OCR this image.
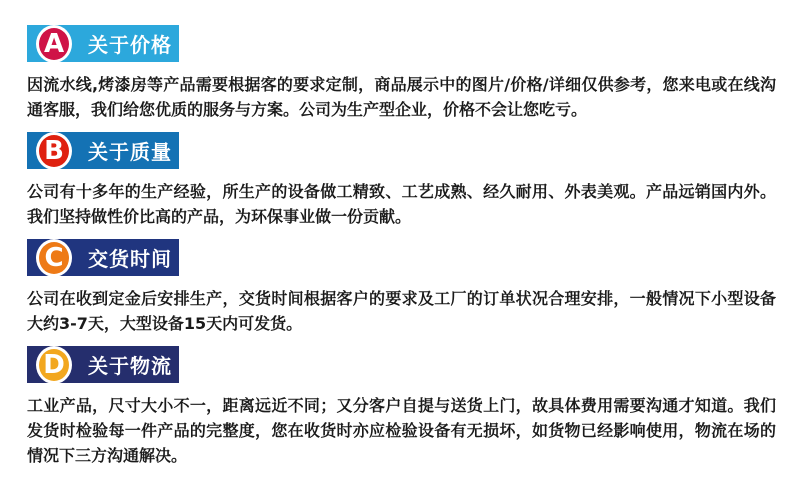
A	关于价格

因流水线,烤漆房等产品需要根据客的要求定制，商品展示中的图片/价格/详细仅供参考，您来电或在线沟通客服，我们给您优质的服务与方案。公司为生产型企业，价格不会让您吃亏。

B	关于质量

公司有十多年的生产经验，所生产的设备做工精致、工艺成熟、经久耐用、外表美观。产品远销国内外。我们坚持做性价比高的产品，为环保事业做一份贡献。

C	交货时间

公司在收到定金后安排生产，交货时间根据客户的要求及工厂的订单状况合理安排，一般情况下小型设备大约3-7天，大型设备15天内可发货。

D	关于物流

工业产品，尺寸大小不一，距离远近不同；又分客户自提与送货上门，故具体费用需要沟通才知道。我们发货时检验每一件产品的完整度，您在收货时亦应检验设备有无损坏，如货物已经影响使用，物流在场的情况下三方沟通解决。
